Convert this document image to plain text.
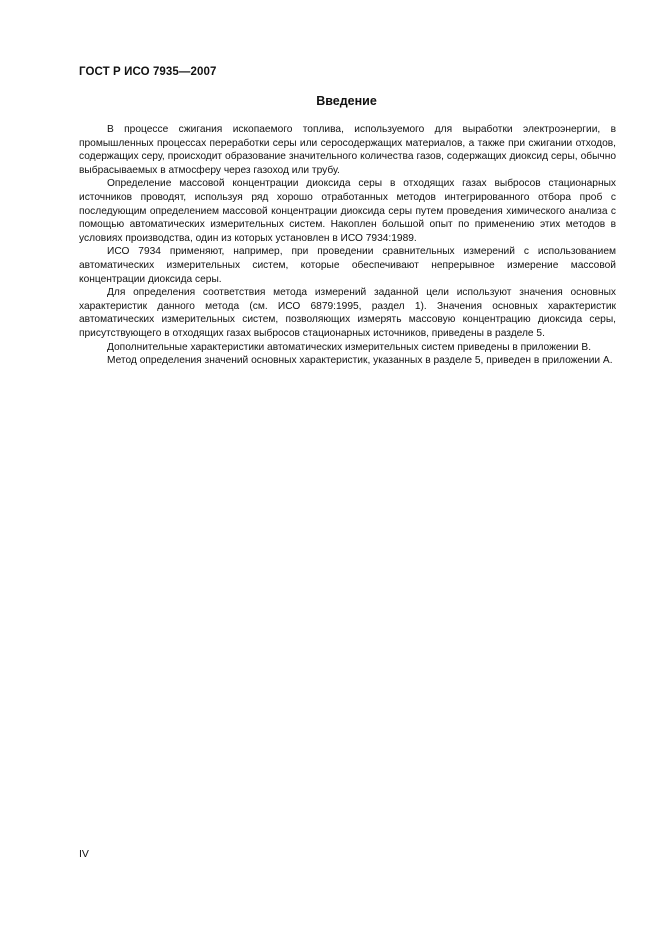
ГОСТ Р ИСО 7935—2007
Введение

В процессе сжигания ископаемого топлива, используемого для выработки электроэнергии, в промышленных процессах переработки серы или серосодержащих материалов, а также при сжигании отходов, содержащих серу, происходит образование значительного количества газов, содержащих диоксид серы, обычно выбрасываемых в атмосферу через газоход или трубу.

Определение массовой концентрации диоксида серы в отходящих газах выбросов стационарных источников проводят, используя ряд хорошо отработанных методов интегрированного отбора проб с последующим определением массовой концентрации диоксида серы путем проведения химического анализа с помощью автоматических измерительных систем. Накоплен большой опыт по применению этих методов в условиях производства, один из которых установлен в ИСО 7934:1989.

ИСО 7934 применяют, например, при проведении сравнительных измерений с использованием автоматических измерительных систем, которые обеспечивают непрерывное измерение массовой концентрации диоксида серы.

Для определения соответствия метода измерений заданной цели используют значения основных характеристик данного метода (см. ИСО 6879:1995, раздел 1). Значения основных характеристик автоматических измерительных систем, позволяющих измерять массовую концентрацию диоксида серы, присутствующего в отходящих газах выбросов стационарных источников, приведены в разделе 5.

Дополнительные характеристики автоматических измерительных систем приведены в приложении В.

Метод определения значений основных характеристик, указанных в разделе 5, приведен в приложении А.

IV
